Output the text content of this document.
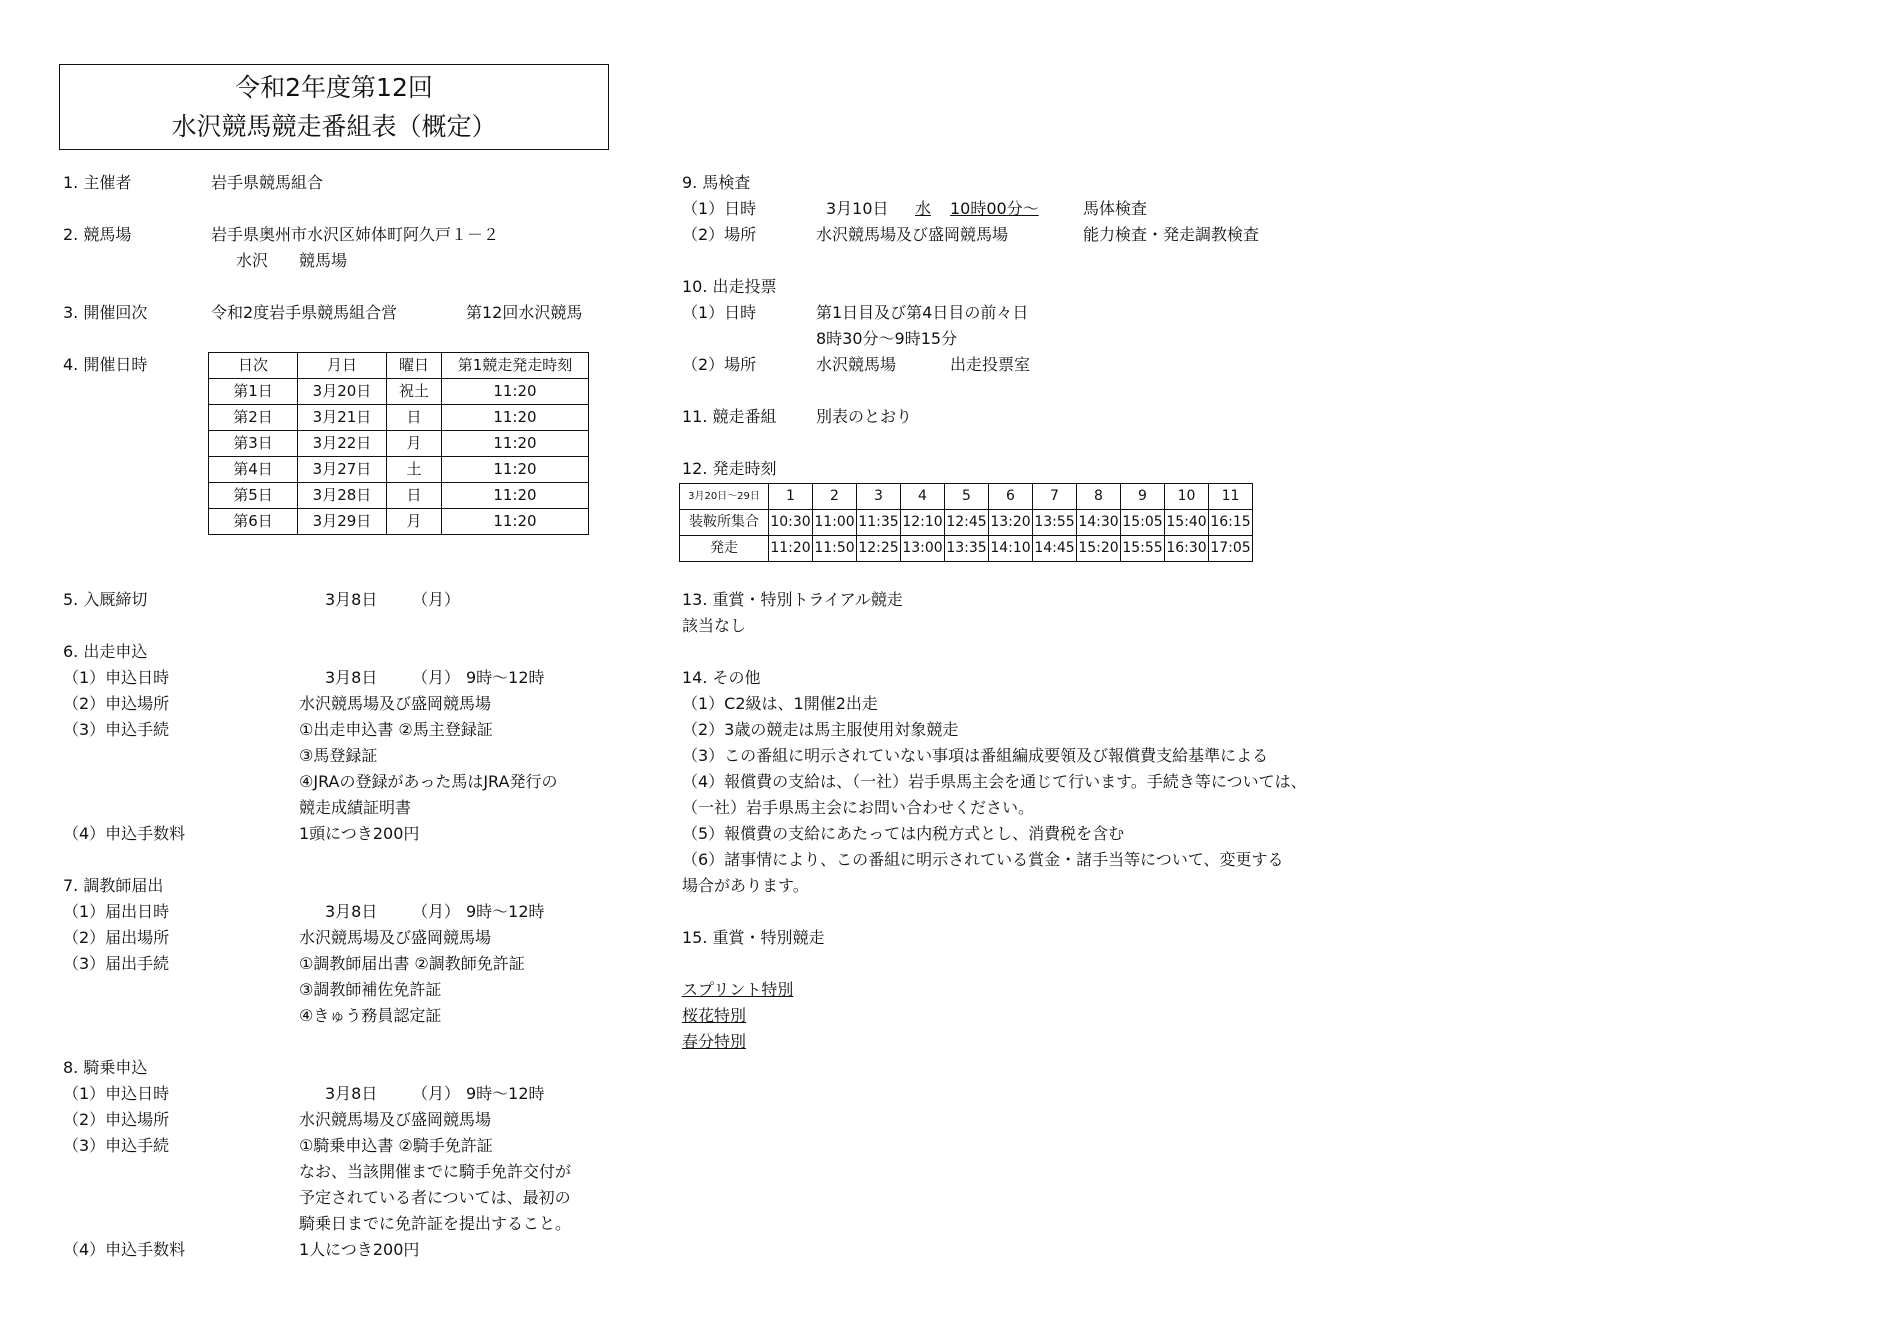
令和2年度第12回
水沢競馬競走番組表（概定）
1. 主催者	岩手県競馬組合
2. 競馬場	岩手県奥州市水沢区姉体町阿久戸１－２
水沢 競馬場
3. 開催回次	令和2度岩手県競馬組合営	第12回水沢競馬
4. 開催日時	日次	月日	曜日	第1競走発走時刻
第1日	3月20日	祝土	11:20
第2日	3月21日	日	11:20
第3日	3月22日	月	11:20
第4日	3月27日	土	11:20
第5日	3月28日	日	11:20
第6日	3月29日	月	11:20
5. 入厩締切	3月8日 （月）
6. 出走申込
（1）申込日時	3月8日 （月） 9時～12時
（2）申込場所	水沢競馬場及び盛岡競馬場
（3）申込手続	①出走申込書 ②馬主登録証
③馬登録証
④JRAの登録があった馬はJRA発行の
競走成績証明書
（4）申込手数料	1頭につき200円
7. 調教師届出
（1）届出日時	3月8日 （月） 9時～12時
（2）届出場所	水沢競馬場及び盛岡競馬場
（3）届出手続	①調教師届出書 ②調教師免許証
③調教師補佐免許証
④きゅう務員認定証
8. 騎乗申込
（1）申込日時	3月8日 （月） 9時～12時
（2）申込場所	水沢競馬場及び盛岡競馬場
（3）申込手続	①騎乗申込書 ②騎手免許証
なお、当該開催までに騎手免許交付が
予定されている者については、最初の
騎乗日までに免許証を提出すること。
（4）申込手数料	1人につき200円
9. 馬検査
（1）日時	3月10日 水 10時00分～	馬体検査
（2）場所	水沢競馬場及び盛岡競馬場	能力検査・発走調教検査
10. 出走投票
（1）日時	第1日目及び第4日目の前々日
8時30分～9時15分
（2）場所	水沢競馬場	出走投票室
11. 競走番組 別表のとおり
12. 発走時刻
3月20日～29日	1	2	3	4	5	6	7	8	9	10	11
装鞍所集合	10:30	11:00	11:35	12:10	12:45	13:20	13:55	14:30	15:05	15:40	16:15
発走	11:20	11:50	12:25	13:00	13:35	14:10	14:45	15:20	15:55	16:30	17:05
13. 重賞・特別トライアル競走
該当なし
14. その他
（1）C2級は、1開催2出走
（2）3歳の競走は馬主服使用対象競走
（3）この番組に明示されていない事項は番組編成要領及び報償費支給基準による
（4）報償費の支給は、（一社）岩手県馬主会を通じて行います。手続き等については、
（一社）岩手県馬主会にお問い合わせください。
（5）報償費の支給にあたっては内税方式とし、消費税を含む
（6）諸事情により、この番組に明示されている賞金・諸手当等について、変更する
場合があります。
15. 重賞・特別競走
スプリント特別
桜花特別
春分特別
